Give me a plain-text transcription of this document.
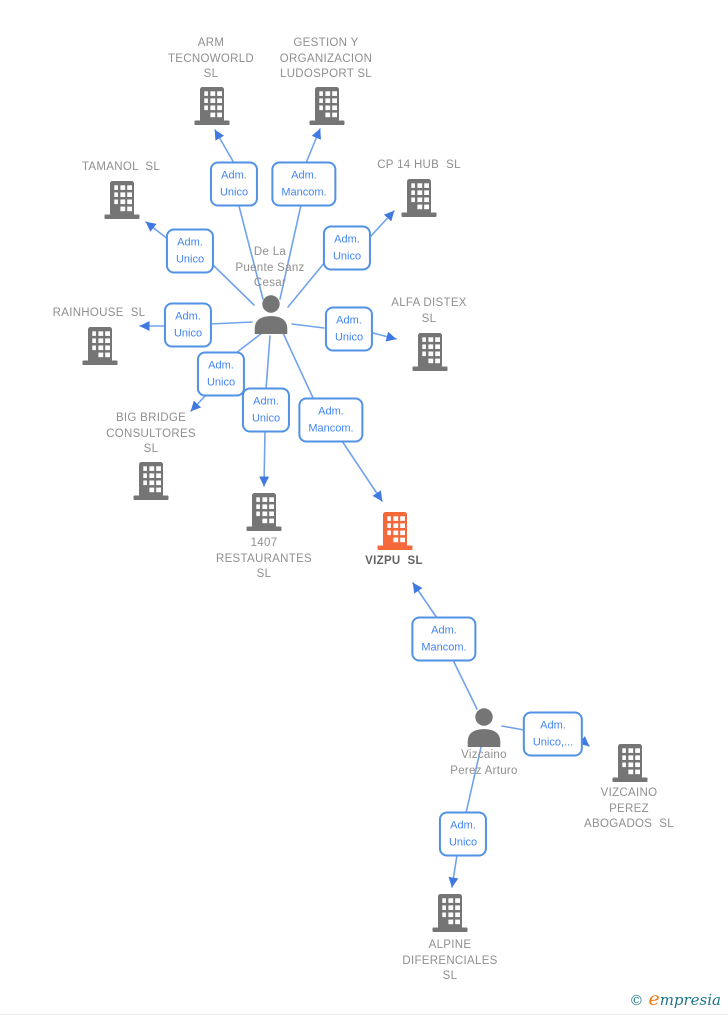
ARM
TECNOWORLD
SL
GESTION Y
ORGANIZACION
LUDOSPORT SL
TAMANOL  SL	CP 14 HUB  SL
RAINHOUSE  SL
ALFA DISTEX
SL
BIG BRIDGE
CONSULTORES
SL
1407
RESTAURANTES
SL
VIZPU  SL
VIZCAINO
PEREZ
ABOGADOS  SL
ALPINE
DIFERENCIALES
SL
De La
Puente Sanz
Cesar
Vizcaino
Perez Arturo
Adm.
Unico
Adm.
Mancom.
Adm.
Unico
Adm.
Unico
Adm.
Unico
Adm.
Unico
Adm.
Unico
Adm.
Unico
Adm.
Mancom.
Adm.
Mancom.
Adm.
Unico,...
Adm.
Unico
© empresia
